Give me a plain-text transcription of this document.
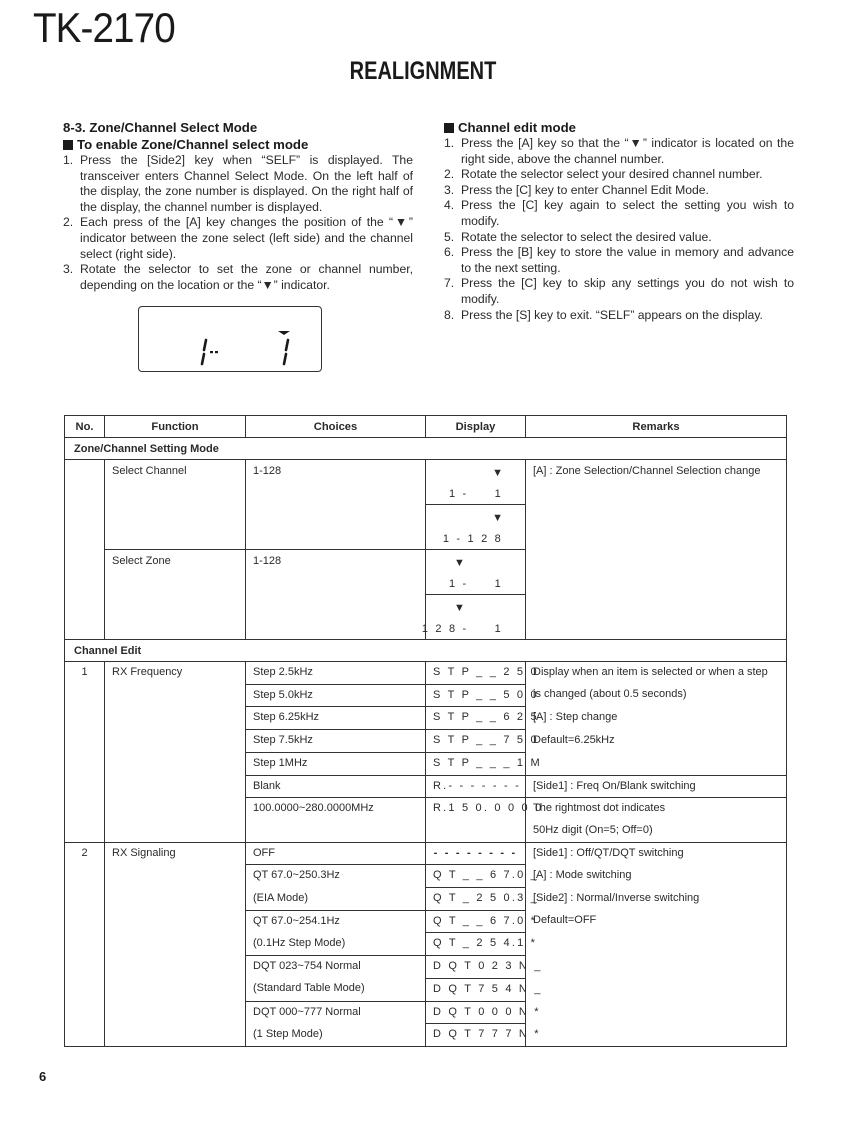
TK-2170
REALIGNMENT
8-3. Zone/Channel Select Mode
To enable Zone/Channel select mode
1. Press the [Side2] key when “SELF” is displayed. The transceiver enters Channel Select Mode. On the left half of the display, the zone number is displayed. On the right half of the display, the channel number is displayed.
2. Each press of the [A] key changes the position of the “▼” indicator between the zone select (left side) and the channel select (right side).
3. Rotate the selector to set the zone or channel number, depending on the location or the “▼” indicator.
Channel edit mode
1. Press the [A] key so that the “▼” indicator is located on the right side, above the channel number.
2. Rotate the selector select your desired channel number.
3. Press the [C] key to enter Channel Edit Mode.
4. Press the [C] key again to select the setting you wish to modify.
5. Rotate the selector to select the desired value.
6. Press the [B] key to store the value in memory and advance to the next setting.
7. Press the [C] key to skip any settings you do not wish to modify.
8. Press the [S] key to exit. “SELF” appears on the display.
No.	Function	Choices	Display	Remarks
Zone/Channel Setting Mode				
	Select Channel	1-128	▼
1 -     1	[A] : Zone Selection/Channel Selection change

			▼
1 - 1 2 8	

	Select Zone	1-128	▼
1 -     1	

			▼
1 2 8 -     1	

Channel Edit				
1	RX Frequency	Step 2.5kHz	S T P _ _ 2 5 0	Display when an item is selected or when a step
		Step 5.0kHz	S T P _ _ 5 0 0	is changed (about 0.5 seconds)
		Step 6.25kHz	S T P _ _ 6 2 5	[A] : Step change
		Step 7.5kHz	S T P _ _ 7 5 0	Default=6.25kHz
		Step 1MHz	S T P _ _ _ 1 M	
		Blank	R.- - - - - - -	[Side1] : Freq On/Blank switching
		100.0000~280.0000MHz	R.1 5 0. 0 0 0 0	The rightmost dot indicates
				50Hz digit (On=5; Off=0)
2	RX Signaling	OFF	- - - - - - - -	[Side1] : Off/QT/DQT switching
		QT 67.0~250.3Hz	Q T _ _ 6 7.0 _	[A] : Mode switching
		(EIA Mode)	Q T _ 2 5 0.3 _	[Side2] : Normal/Inverse switching
		QT 67.0~254.1Hz	Q T _ _ 6 7.0 *	Default=OFF
		(0.1Hz Step Mode)	Q T _ 2 5 4.1 *	
		DQT 023~754 Normal	D Q T 0 2 3 N _	
		(Standard Table Mode)	D Q T 7 5 4 N _	
		DQT 000~777 Normal	D Q T 0 0 0 N *	
		(1 Step Mode)	D Q T 7 7 7 N *	
6
